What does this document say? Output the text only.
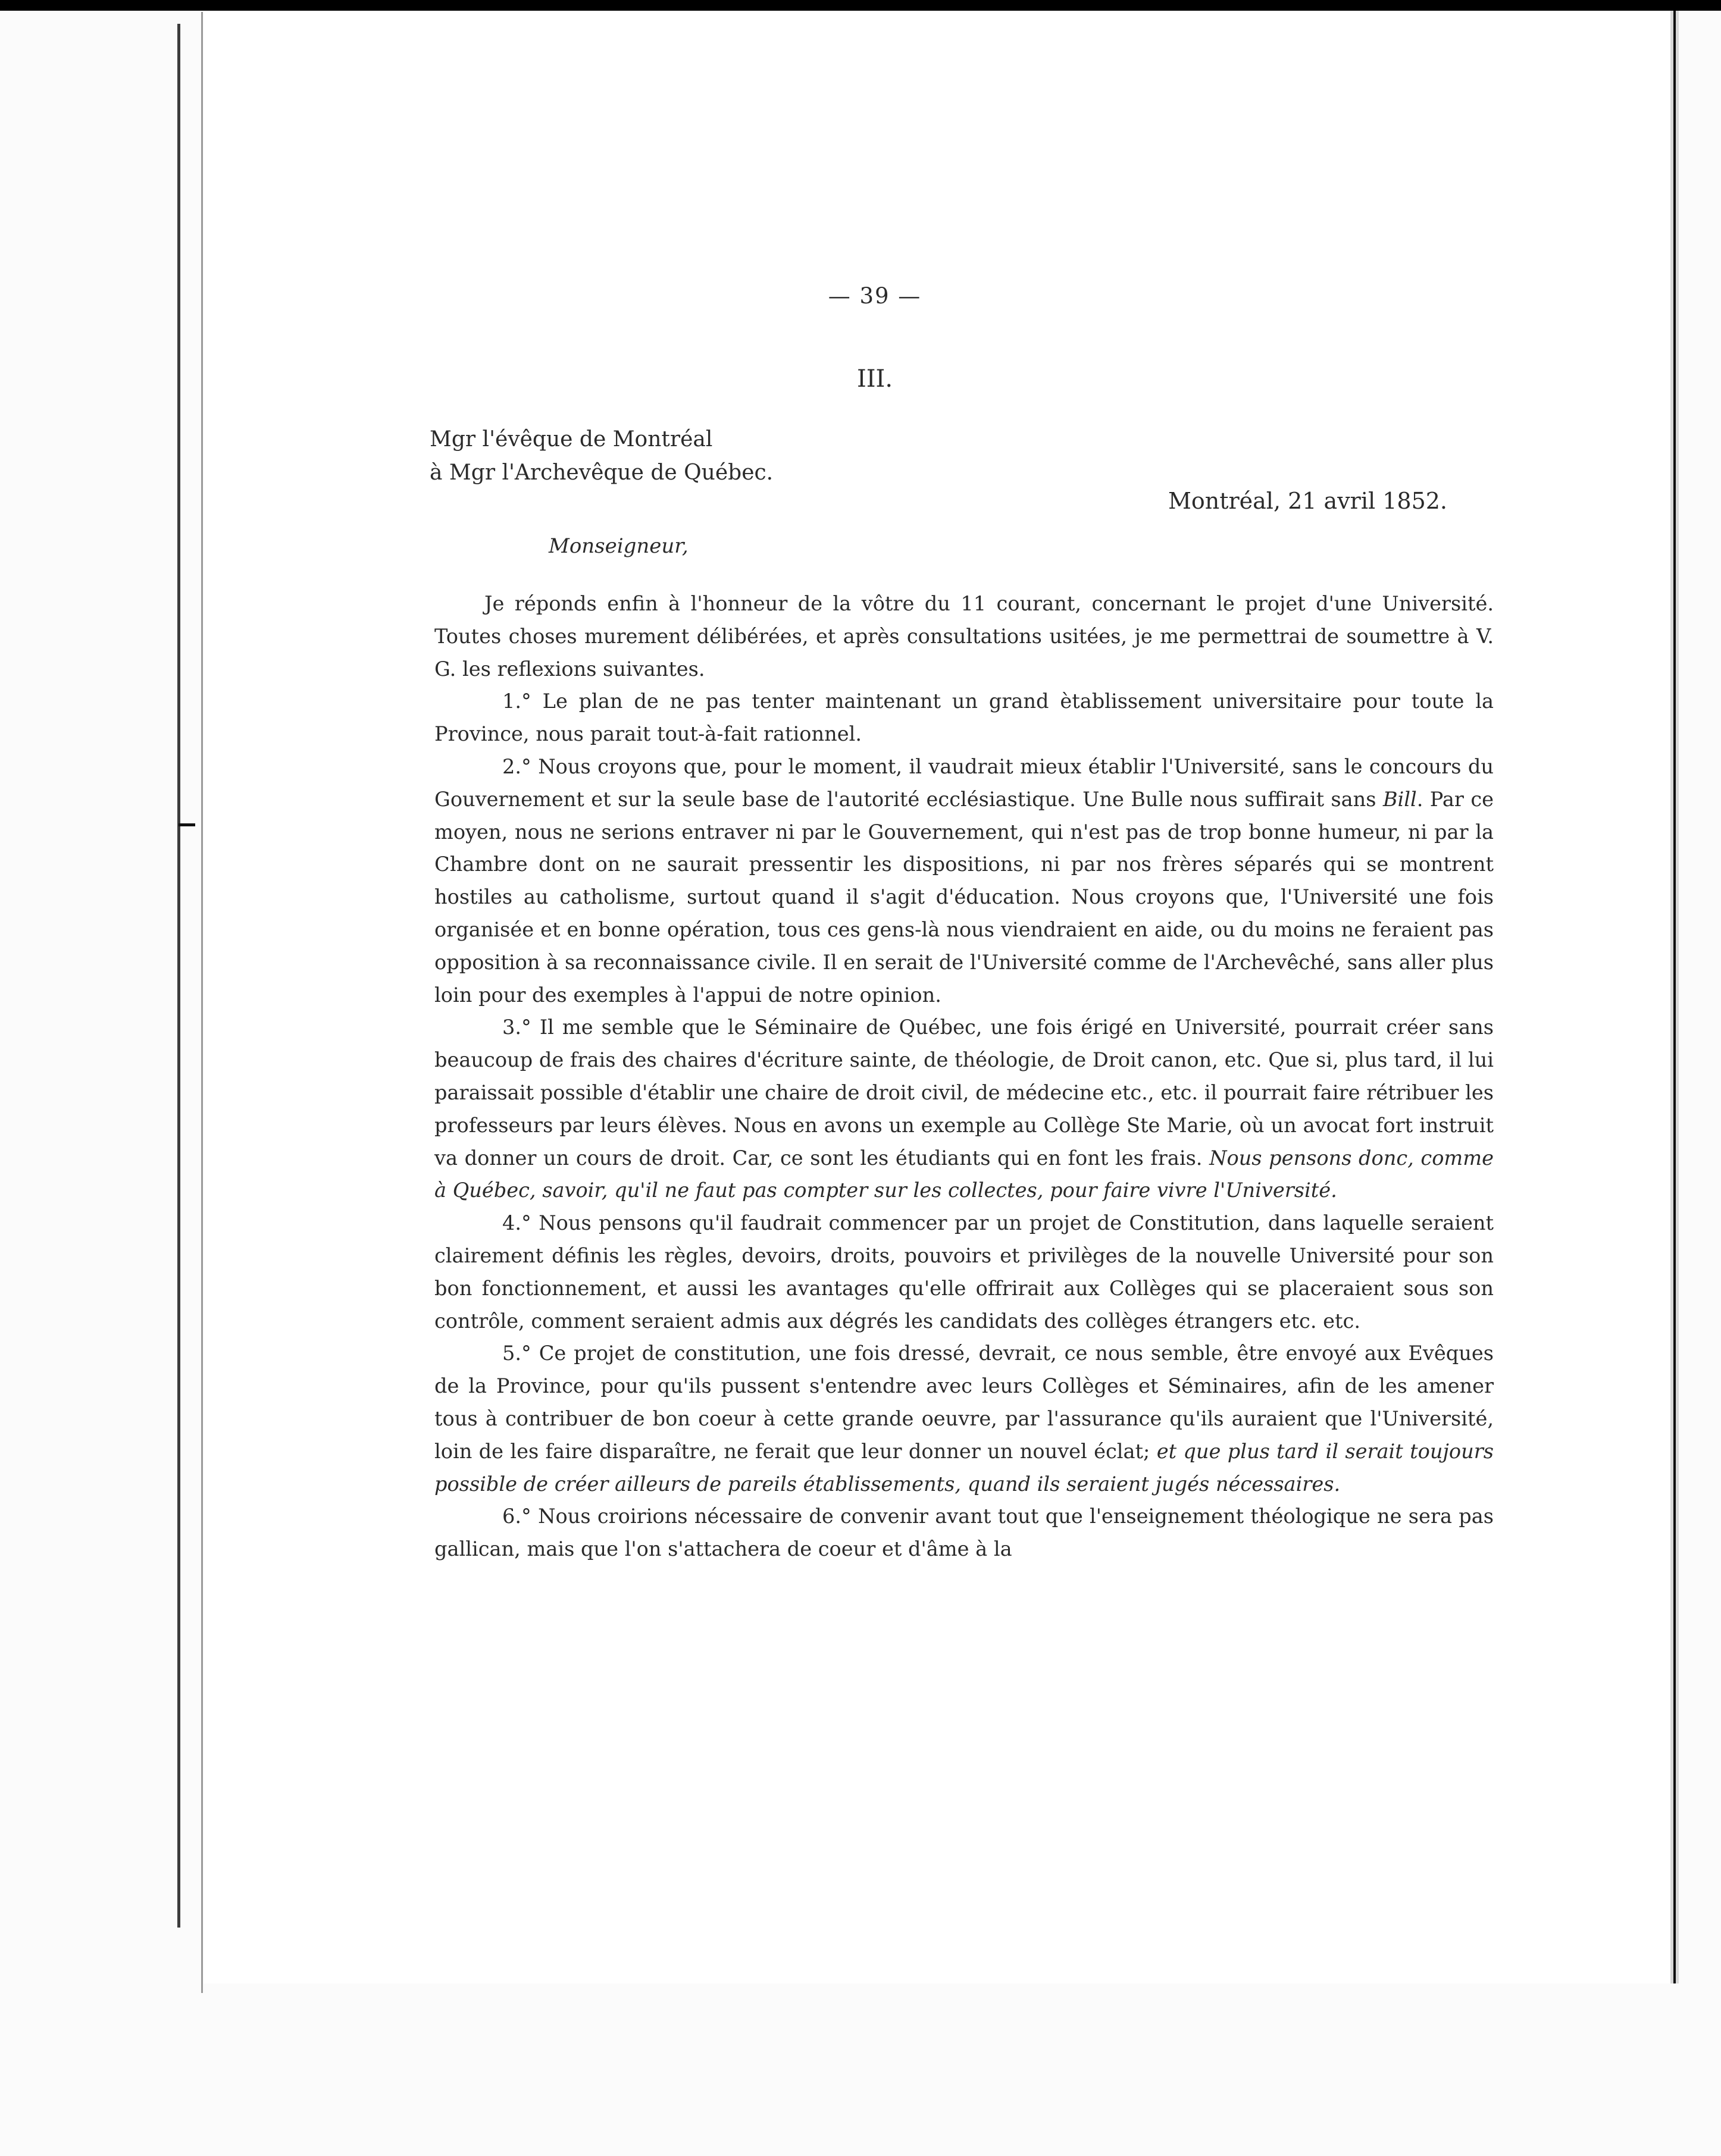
— 39 —
III.
Mgr l'évêque de Montréal
à Mgr l'Archevêque de Québec.
Montréal, 21 avril 1852.
Monseigneur,

Je réponds enfin à l'honneur de la vôtre du 11 courant, concernant le projet d'une Université. Toutes choses murement délibérées, et après consultations usitées, je me permettrai de soumettre à V. G. les reflexions suivantes.

1.° Le plan de ne pas tenter maintenant un grand ètablissement universitaire pour toute la Province, nous parait tout-à-fait rationnel.

2.° Nous croyons que, pour le moment, il vaudrait mieux établir l'Université, sans le concours du Gouvernement et sur la seule base de l'autorité ecclésiastique. Une Bulle nous suffirait sans Bill. Par ce moyen, nous ne serions entraver ni par le Gouvernement, qui n'est pas de trop bonne humeur, ni par la Chambre dont on ne saurait pressentir les dispositions, ni par nos frères séparés qui se montrent hostiles au catholisme, surtout quand il s'agit d'éducation. Nous croyons que, l'Université une fois organisée et en bonne opération, tous ces gens-là nous viendraient en aide, ou du moins ne feraient pas opposition à sa reconnaissance civile. Il en serait de l'Université comme de l'Archevêché, sans aller plus loin pour des exemples à l'appui de notre opinion.

3.° Il me semble que le Séminaire de Québec, une fois érigé en Université, pourrait créer sans beaucoup de frais des chaires d'écriture sainte, de théologie, de Droit canon, etc. Que si, plus tard, il lui paraissait possible d'établir une chaire de droit civil, de médecine etc., etc. il pourrait faire rétribuer les professeurs par leurs élèves. Nous en avons un exemple au Collège Ste Marie, où un avocat fort instruit va donner un cours de droit. Car, ce sont les étudiants qui en font les frais. Nous pensons donc, comme à Québec, savoir, qu'il ne faut pas compter sur les collectes, pour faire vivre l'Université.

4.° Nous pensons qu'il faudrait commencer par un projet de Constitution, dans laquelle seraient clairement définis les règles, devoirs, droits, pouvoirs et privilèges de la nouvelle Université pour son bon fonctionnement, et aussi les avantages qu'elle offrirait aux Collèges qui se placeraient sous son contrôle, comment seraient admis aux dégrés les candidats des collèges étrangers etc. etc.

5.° Ce projet de constitution, une fois dressé, devrait, ce nous semble, être envoyé aux Evêques de la Province, pour qu'ils pussent s'entendre avec leurs Collèges et Séminaires, afin de les amener tous à contribuer de bon coeur à cette grande oeuvre, par l'assurance qu'ils auraient que l'Université, loin de les faire disparaître, ne ferait que leur donner un nouvel éclat; et que plus tard il serait toujours possible de créer ailleurs de pareils établissements, quand ils seraient jugés nécessaires.

6.° Nous croirions nécessaire de convenir avant tout que l'enseignement théologique ne sera pas gallican, mais que l'on s'attachera de coeur et d'âme à la
